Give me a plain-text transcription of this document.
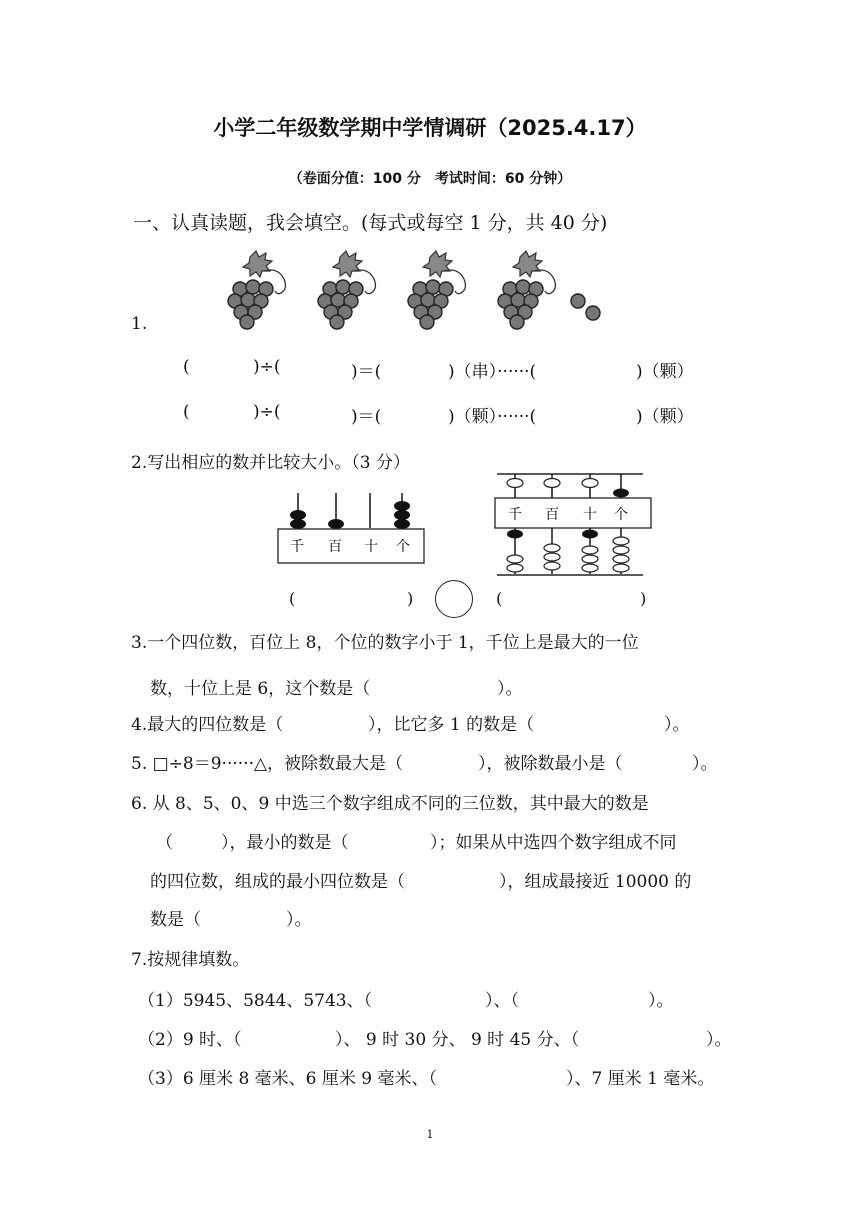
小学二年级数学期中学情调研（2025.4.17）
（卷面分值：100 分　考试时间：60 分钟）
一、认真读题，我会填空。(每式或每空 1 分，共 40 分)
1.
(	)÷(	)＝(	)（串）······(	)（颗）
(	)÷(	)＝(	)（颗）······(	)（颗）
2.写出相应的数并比较大小。（3 分）
千 百 十 个
千 百 十 个
(	)	(	)
3.一个四位数，百位上 8，个位的数字小于 1，千位上是最大的一位
数，十位上是 6，这个数是（	）。
4.最大的四位数是（	），比它多 1 的数是（	）。
5. □÷8＝9······△，被除数最大是（	），被除数最小是（	）。
6. 从 8、5、0、9 中选三个数字组成不同的三位数，其中最大的数是
（	），最小的数是（	）；如果从中选四个数字组成不同
的四位数，组成的最小四位数是（	），组成最接近 10000 的
数是（	）。
7.按规律填数。
（1）5945、5844、5743、（	）、（	）。
（2）9 时、（	）、 9 时 30 分、 9 时 45 分、（	）。
（3）6 厘米 8 毫米、6 厘米 9 毫米、（	）、7 厘米 1 毫米。
1
